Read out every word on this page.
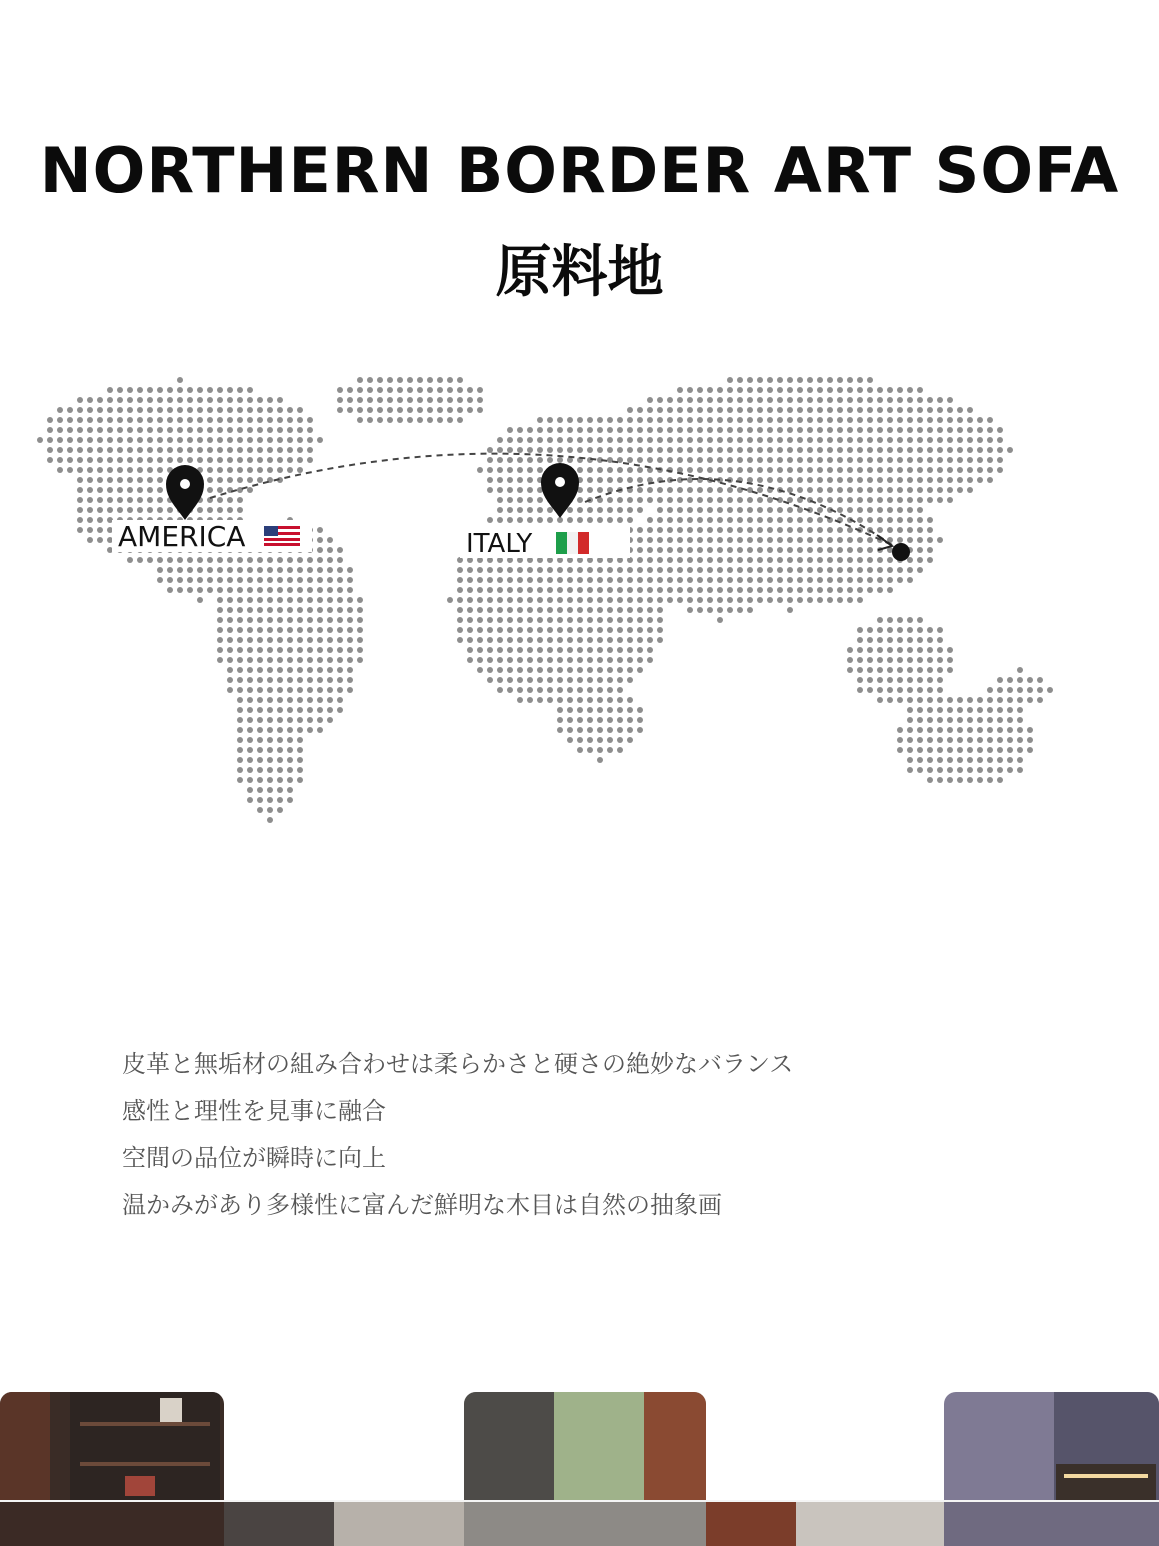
NORTHERN BORDER ART SOFA
原料地
AMERICA	ITALY
皮革と無垢材の組み合わせは柔らかさと硬さの絶妙なバランス
感性と理性を見事に融合
空間の品位が瞬時に向上
温かみがあり多様性に富んだ鮮明な木目は自然の抽象画
